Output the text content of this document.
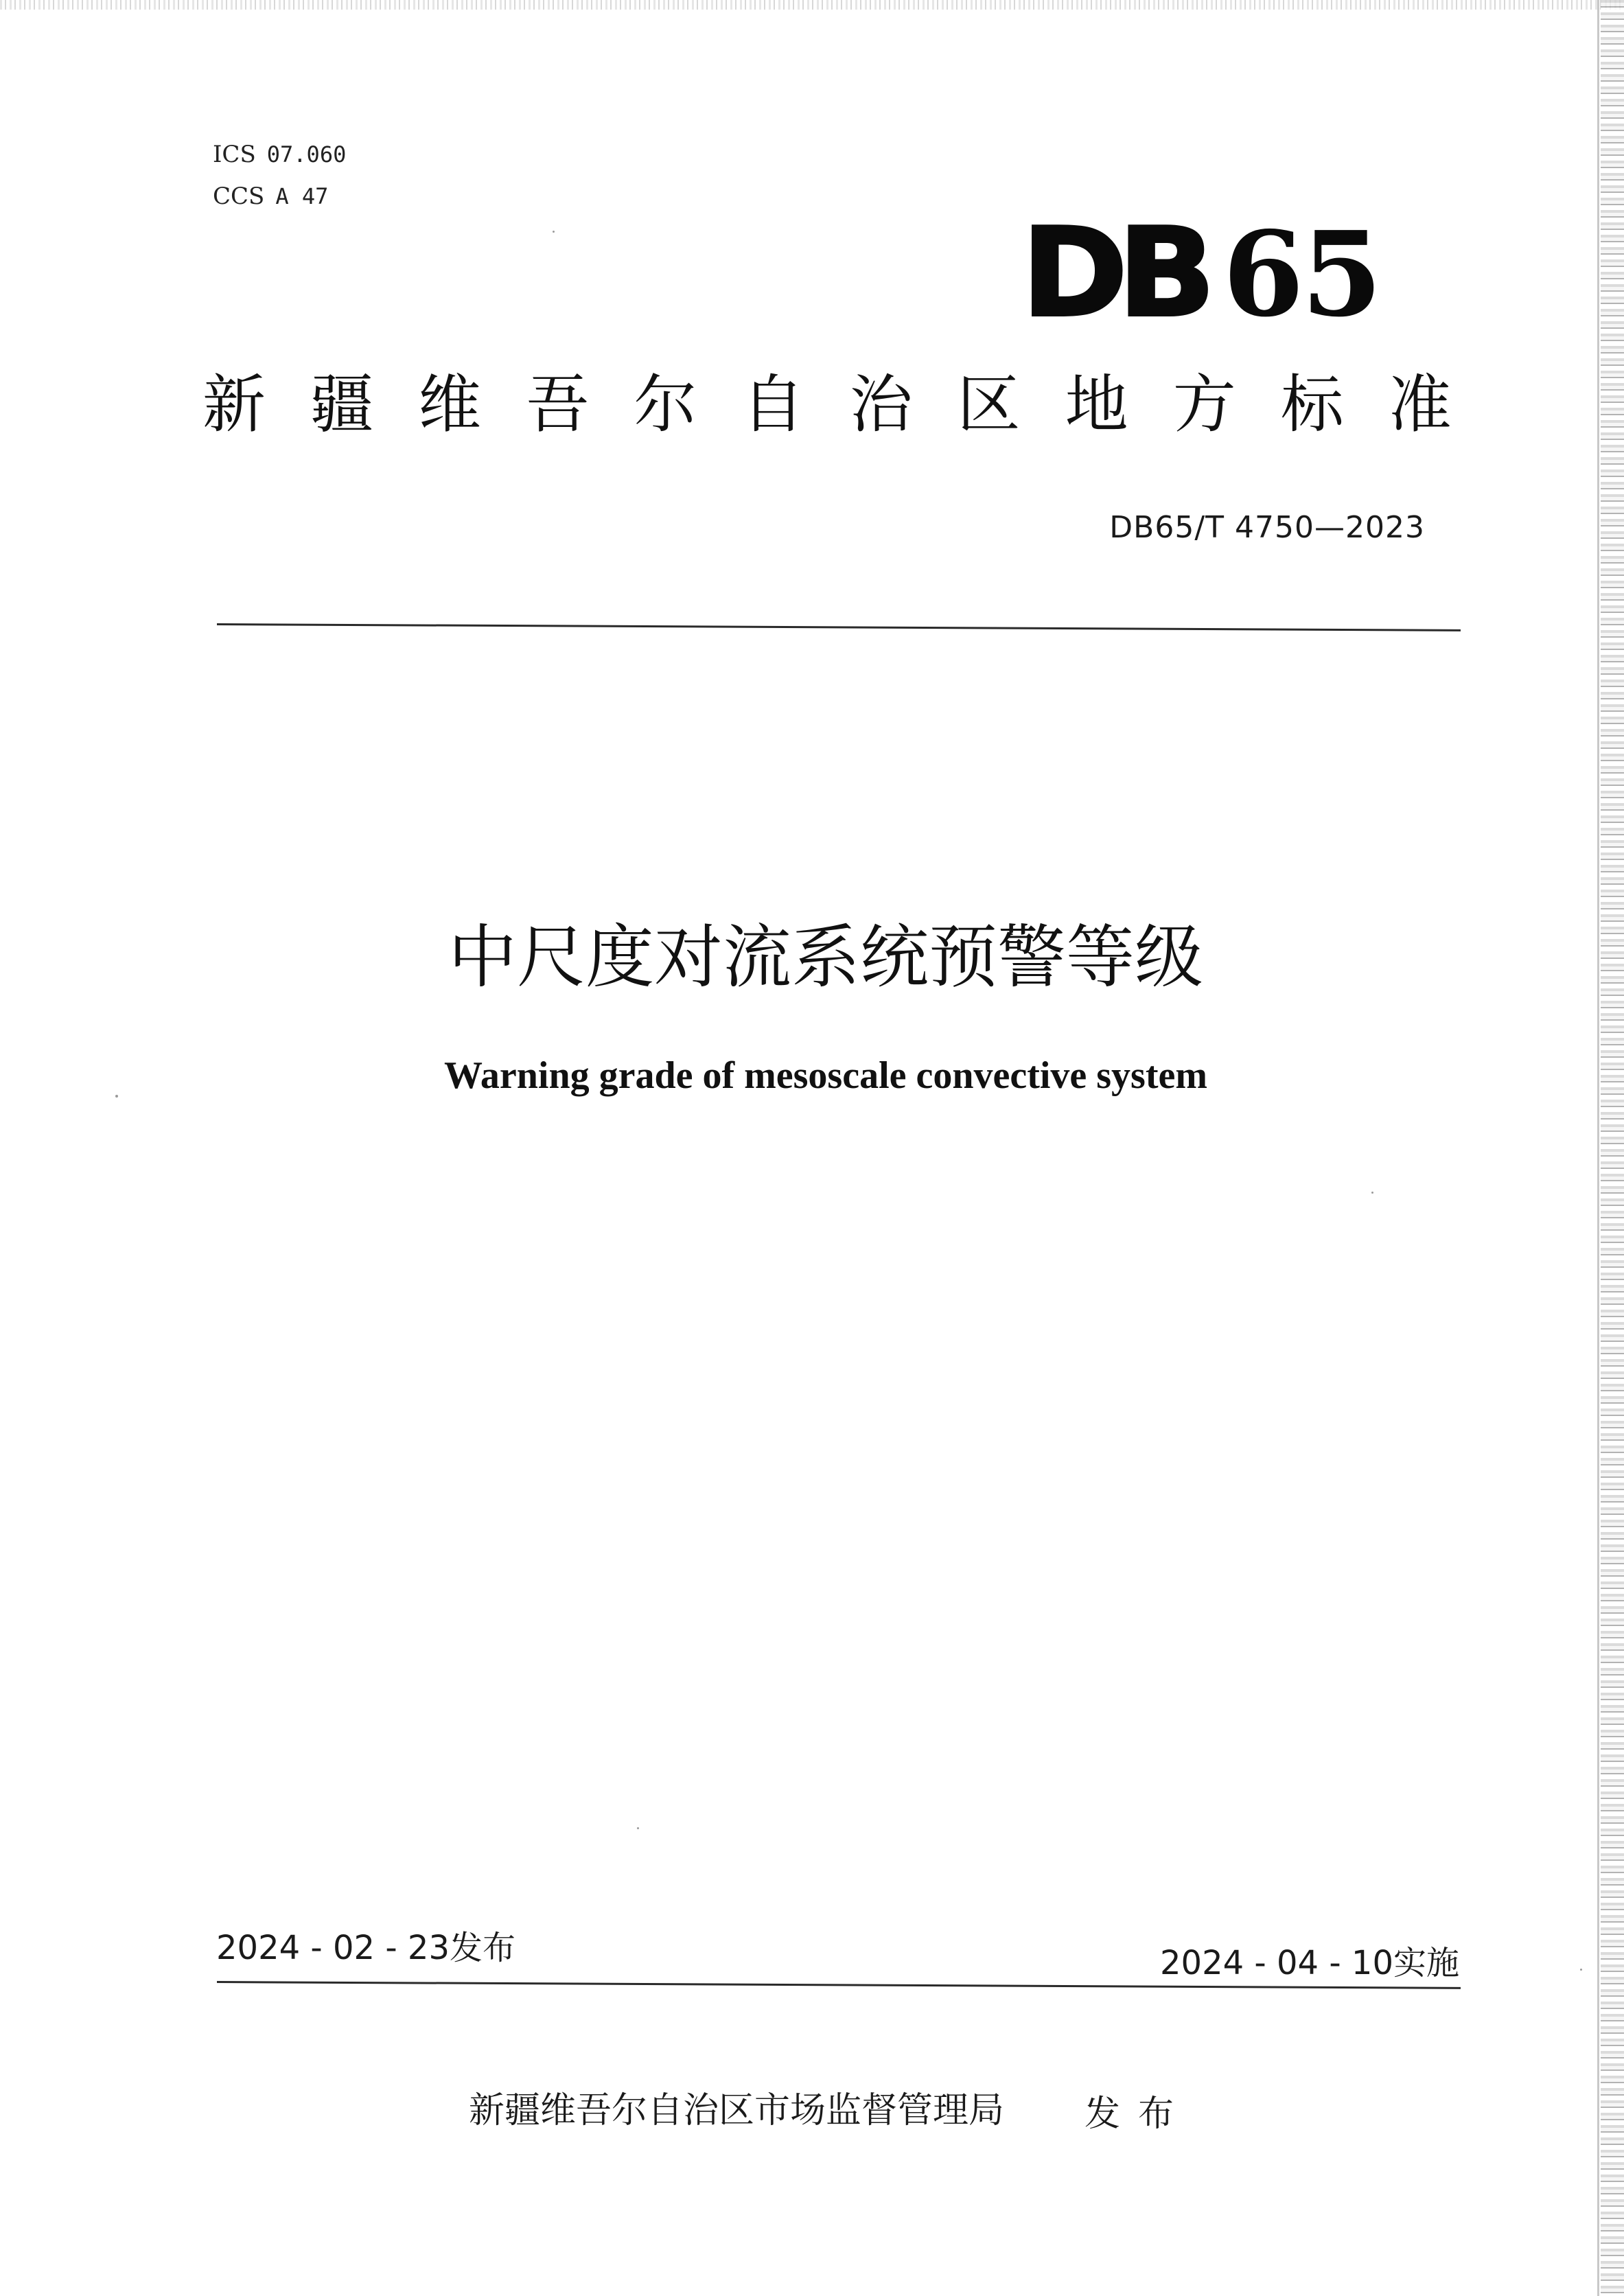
ICS 07.060
CCS A 47
DB 65
新 疆 维 吾 尔 自 治 区 地 方 标 准
DB65/T 4750—2023
中尺度对流系统预警等级
Warning grade of mesoscale convective system
2024 - 02 - 23发布	2024 - 04 - 10实施
新疆维吾尔自治区市场监督管理局 发布
